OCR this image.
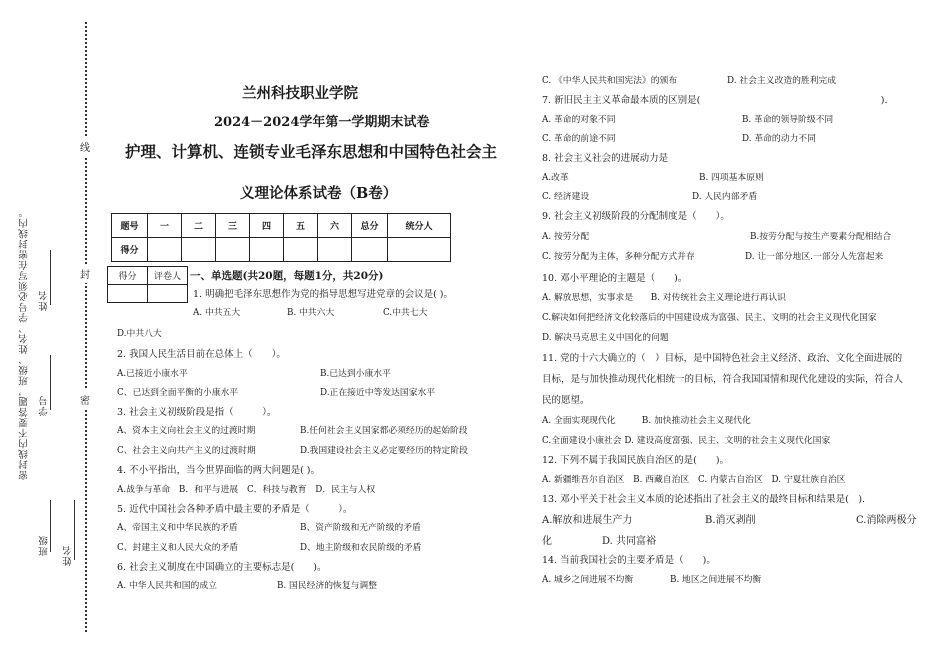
线
封
密
密封线内不要答题，班级、姓名、学号必须写在密封线内。
班级
学号
姓名
姓名
兰州科技职业学院
2024－2024学年第一学期期末试卷
护理、计算机、连锁专业毛泽东思想和中国特色社会主
义理论体系试卷（B卷）
题号	一	二	三	四	五	六	总分	统分人
得分								
得分	评卷人
	一、单选题(共20题，每题1分，共20分)
1. 明确把毛泽东思想作为党的指导思想写进党章的会议是( )。
A. 中共五大	B. 中共六大	C.中共七大
D.中共八大
2. 我国人民生活目前在总体上（　　）。
A.已接近小康水平	B.已达到小康水平
C、已达到全面平衡的小康水平	D.正在接近中等发达国家水平
3. 社会主义初级阶段是指（　　　）。
A、资本主义向社会主义的过渡时期	B.任何社会主义国家都必须经历的起始阶段
C、社会主义向共产主义的过渡时期	D.我国建设社会主义必定要经历的特定阶段
4. 不小平指出，当今世界面临的两大问题是( )。
A.战争与革命　B．和平与进展　C．科技与教育　D．民主与人权
5. 近代中国社会各种矛盾中最主要的矛盾是（　　　）。
A、帝国主义和中华民族的矛盾	B、资产阶级和无产阶级的矛盾
C、封建主义和人民大众的矛盾	D、地主阶级和农民阶级的矛盾
6. 社会主义制度在中国确立的主要标志是(　　)。
A. 中华人民共和国的成立	B. 国民经济的恢复与调整
C. 《中华人民共和国宪法》的颁布	D. 社会主义改造的胜利完成
7. 新旧民主主义革命最本质的区别是(　　　　　　　　　　　　　　　　　　　).
A. 革命的对象不同	B. 革命的领导阶级不同
C. 革命的前途不同	D. 革命的动力不同
8. 社会主义社会的进展动力是
A.改革	B. 四项基本原则
C. 经济建设	D. 人民内部矛盾
9. 社会主义初级阶段的分配制度是（　　）。
A. 按劳分配	B.按劳分配与按生产要素分配相结合
C. 按劳分配为主体，多种分配方式并存	D. 让一部分地区.一部分人先富起来
10. 邓小平理论的主题是（　　)。
A. 解放思想，实事求是　　B. 对传统社会主义理论进行再认识
C.解决如何把经济文化较落后的中国建设成为富强、民主、文明的社会主义现代化国家
D. 解决马克思主义中国化的问题
11. 党的十六大确立的（　）目标，是中国特色社会主义经济、政治、文化全面进展的
目标，是与加快推动现代化相统一的目标，符合我国国情和现代化建设的实际，符合人
民的愿望。
A. 全面实现现代化　　　B. 加快推动社会主义现代化
C.全面建设小康社会 D. 建设高度富强、民主、文明的社会主义现代化国家
12. 下列不属于我国民族自治区的是(　　)。
A. 新疆维吾尔自治区　B. 西藏自治区　C. 内蒙古自治区　D. 宁夏壮族自治区
13. 邓小平关于社会主义本质的论述指出了社会主义的最终目标和结果是(　).
A.解放和进展生产力	B.消灭剥削	C.消除两极分
化　　　　　D. 共同富裕
14. 当前我国社会的主要矛盾是（　　)。
A. 城乡之间进展不均衡	B. 地区之间进展不均衡
